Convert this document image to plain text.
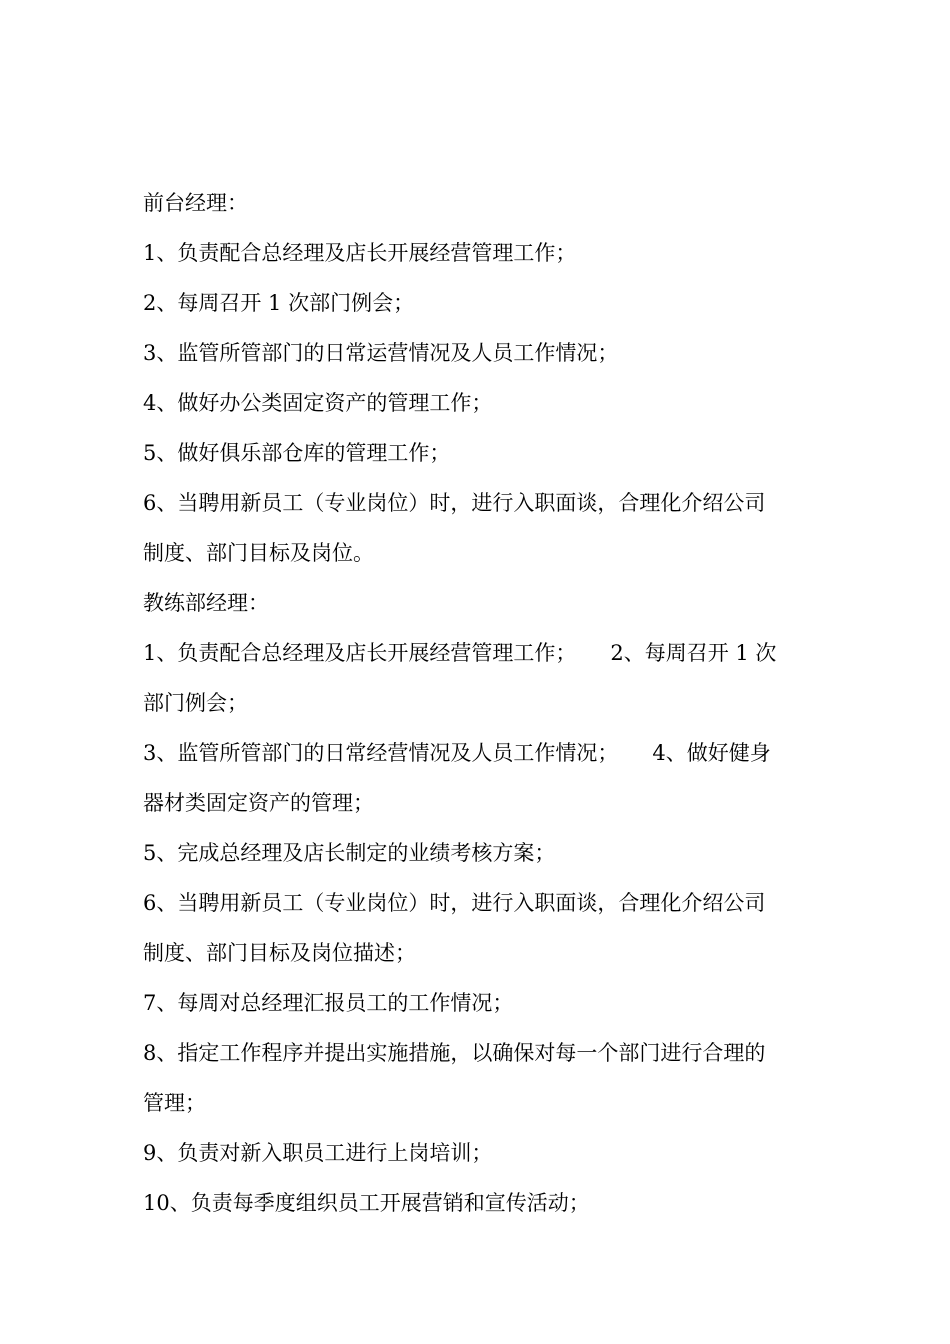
前台经理：
1、负责配合总经理及店长开展经营管理工作；
2、每周召开 1 次部门例会；
3、监管所管部门的日常运营情况及人员工作情况；
4、做好办公类固定资产的管理工作；
5、做好俱乐部仓库的管理工作；
6、当聘用新员工（专业岗位）时，进行入职面谈，合理化介绍公司
制度、部门目标及岗位。
教练部经理：
1、负责配合总经理及店长开展经营管理工作； 2、每周召开 1 次
部门例会；
3、监管所管部门的日常经营情况及人员工作情况； 4、做好健身
器材类固定资产的管理；
5、完成总经理及店长制定的业绩考核方案；
6、当聘用新员工（专业岗位）时，进行入职面谈，合理化介绍公司
制度、部门目标及岗位描述；
7、每周对总经理汇报员工的工作情况；
8、指定工作程序并提出实施措施，以确保对每一个部门进行合理的
管理；
9、负责对新入职员工进行上岗培训；
10、负责每季度组织员工开展营销和宣传活动；
